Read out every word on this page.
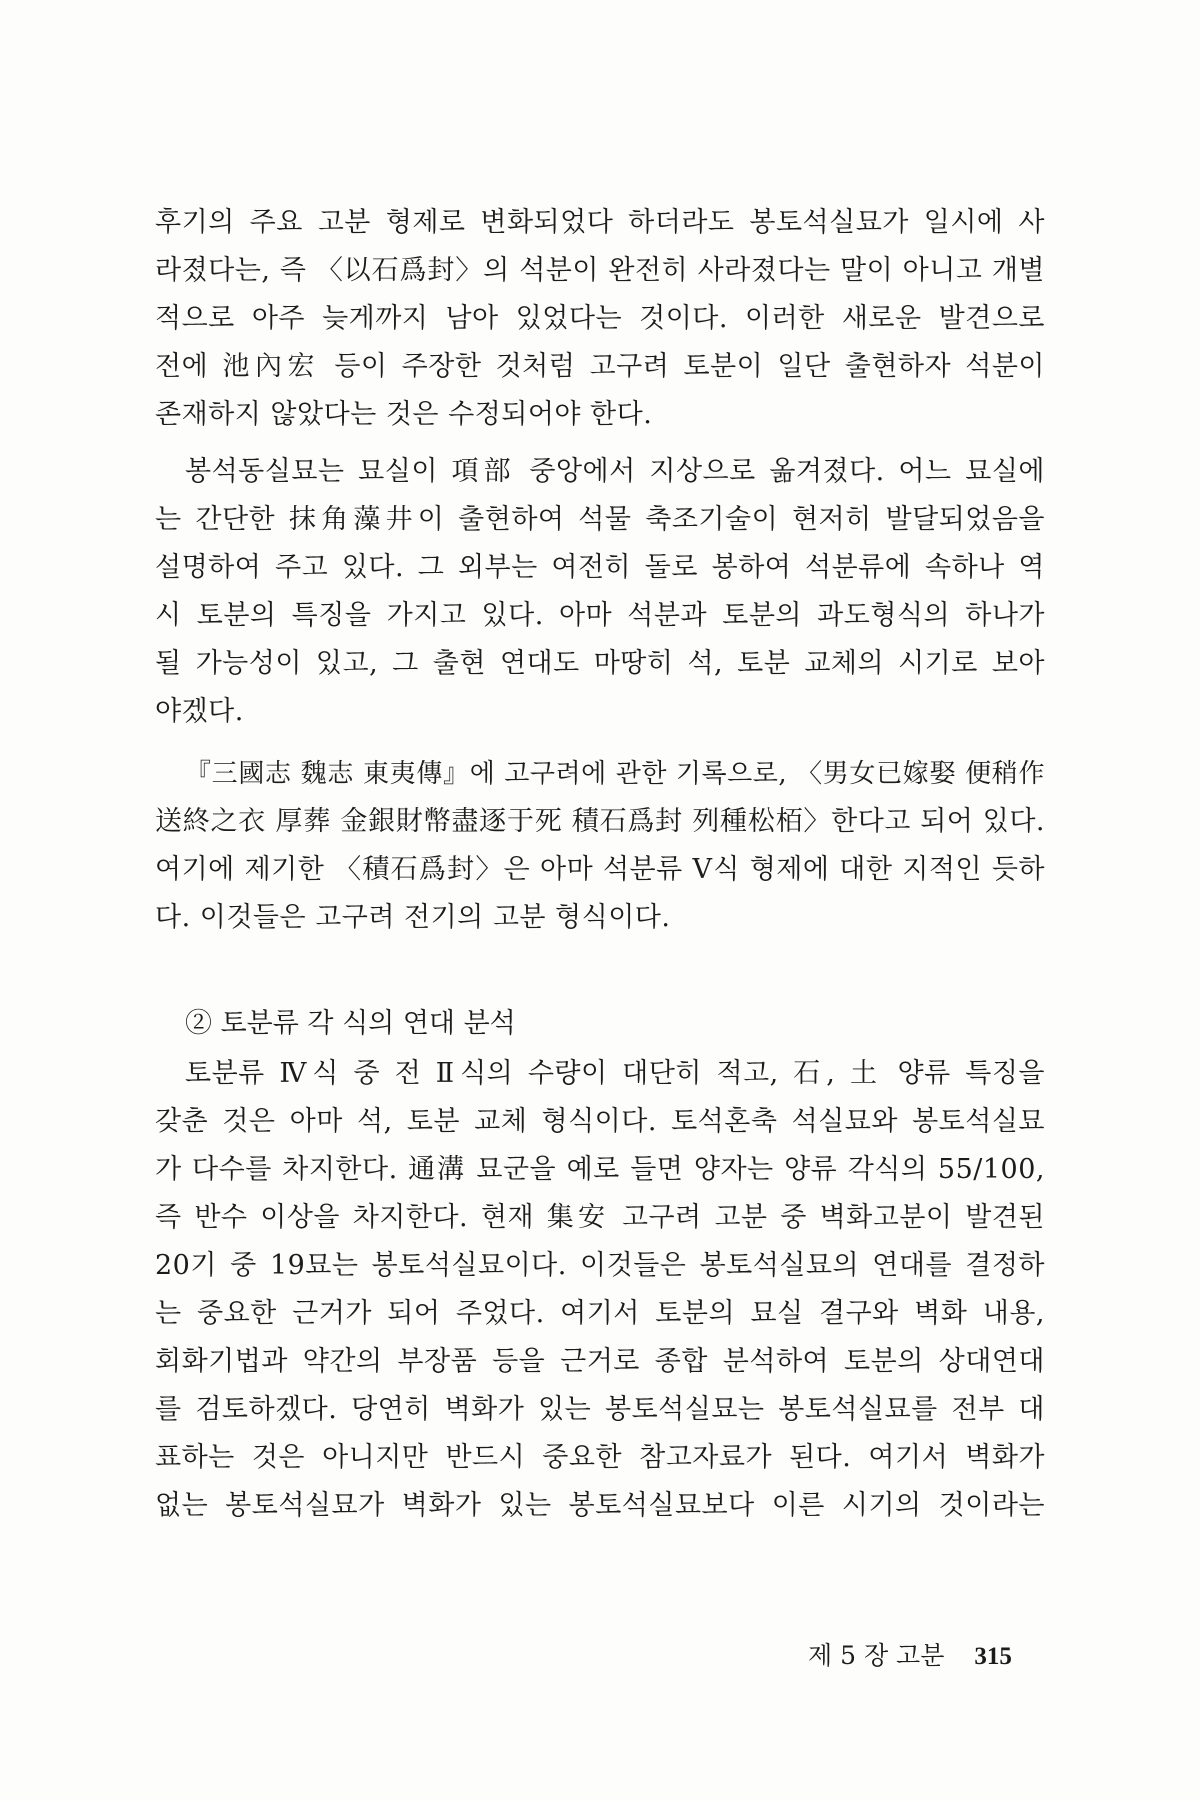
후기의 주요 고분 형제로 변화되었다 하더라도 봉토석실묘가 일시에 사
라졌다는, 즉 〈以石爲封〉의 석분이 완전히 사라졌다는 말이 아니고 개별
적으로 아주 늦게까지 남아 있었다는 것이다. 이러한 새로운 발견으로
전에 池內宏 등이 주장한 것처럼 고구려 토분이 일단 출현하자 석분이
존재하지 않았다는 것은 수정되어야 한다.

봉석동실묘는 묘실이 項部 중앙에서 지상으로 옮겨졌다. 어느 묘실에
는 간단한 抹角藻井이 출현하여 석물 축조기술이 현저히 발달되었음을
설명하여 주고 있다. 그 외부는 여전히 돌로 봉하여 석분류에 속하나 역
시 토분의 특징을 가지고 있다. 아마 석분과 토분의 과도형식의 하나가
될 가능성이 있고, 그 출현 연대도 마땅히 석, 토분 교체의 시기로 보아
야겠다.

『三國志 魏志 東夷傳』에 고구려에 관한 기록으로, 〈男女已嫁娶 便稍作
送終之衣 厚葬 金銀財幣盡逐于死 積石爲封 列種松栢〉한다고 되어 있다.
여기에 제기한 〈積石爲封〉은 아마 석분류 Ⅴ식 형제에 대한 지적인 듯하
다. 이것들은 고구려 전기의 고분 형식이다.

② 토분류 각 식의 연대 분석

토분류 Ⅳ식 중 전 Ⅱ식의 수량이 대단히 적고, 石, 土 양류 특징을
갖춘 것은 아마 석, 토분 교체 형식이다. 토석혼축 석실묘와 봉토석실묘
가 다수를 차지한다. 通溝 묘군을 예로 들면 양자는 양류 각식의 55/100,
즉 반수 이상을 차지한다. 현재 集安 고구려 고분 중 벽화고분이 발견된
20기 중 19묘는 봉토석실묘이다. 이것들은 봉토석실묘의 연대를 결정하
는 중요한 근거가 되어 주었다. 여기서 토분의 묘실 결구와 벽화 내용,
회화기법과 약간의 부장품 등을 근거로 종합 분석하여 토분의 상대연대
를 검토하겠다. 당연히 벽화가 있는 봉토석실묘는 봉토석실묘를 전부 대
표하는 것은 아니지만 반드시 중요한 참고자료가 된다. 여기서 벽화가
없는 봉토석실묘가 벽화가 있는 봉토석실묘보다 이른 시기의 것이라는

제 5 장 고분 315
